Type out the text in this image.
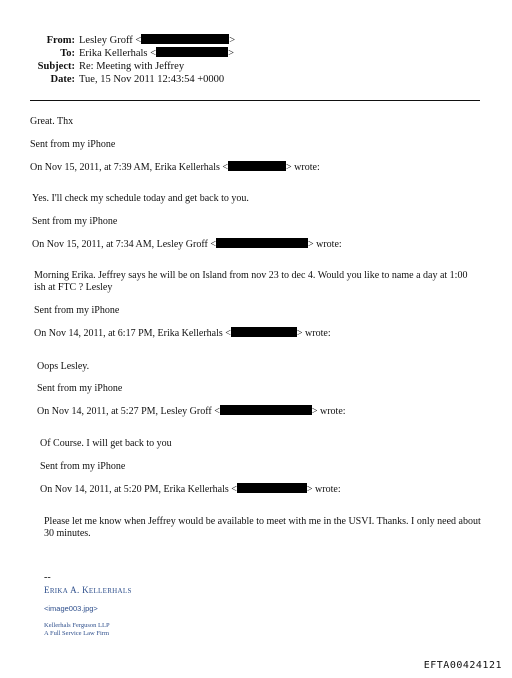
From: Lesley Groff <	>
To: Erika Kellerhals <	>
Subject: Re: Meeting with Jeffrey
Date: Tue, 15 Nov 2011 12:43:54 +0000
Great. Thx
Sent from my iPhone
On Nov 15, 2011, at 7:39 AM, Erika Kellerhals <	> wrote:
Yes. I'll check my schedule today and get back to you.
Sent from my iPhone
On Nov 15, 2011, at 7:34 AM, Lesley Groff <	> wrote:
Morning Erika. Jeffrey says he will be on Island from nov 23 to dec 4. Would you like to name a day at 1:00 ish at FTC ? Lesley
Sent from my iPhone
On Nov 14, 2011, at 6:17 PM, Erika Kellerhals <	> wrote:
Oops Lesley.
Sent from my iPhone
On Nov 14, 2011, at 5:27 PM, Lesley Groff <	> wrote:
Of Course. I will get back to you
Sent from my iPhone
On Nov 14, 2011, at 5:20 PM, Erika Kellerhals <	> wrote:
Please let me know when Jeffrey would be available to meet with me in the USVI. Thanks. I only need about 30 minutes.
--
ERIKA A. KELLERHALS
<image003.jpg>
Kellerhals Ferguson LLP
A Full Service Law Firm
EFTA00424121
